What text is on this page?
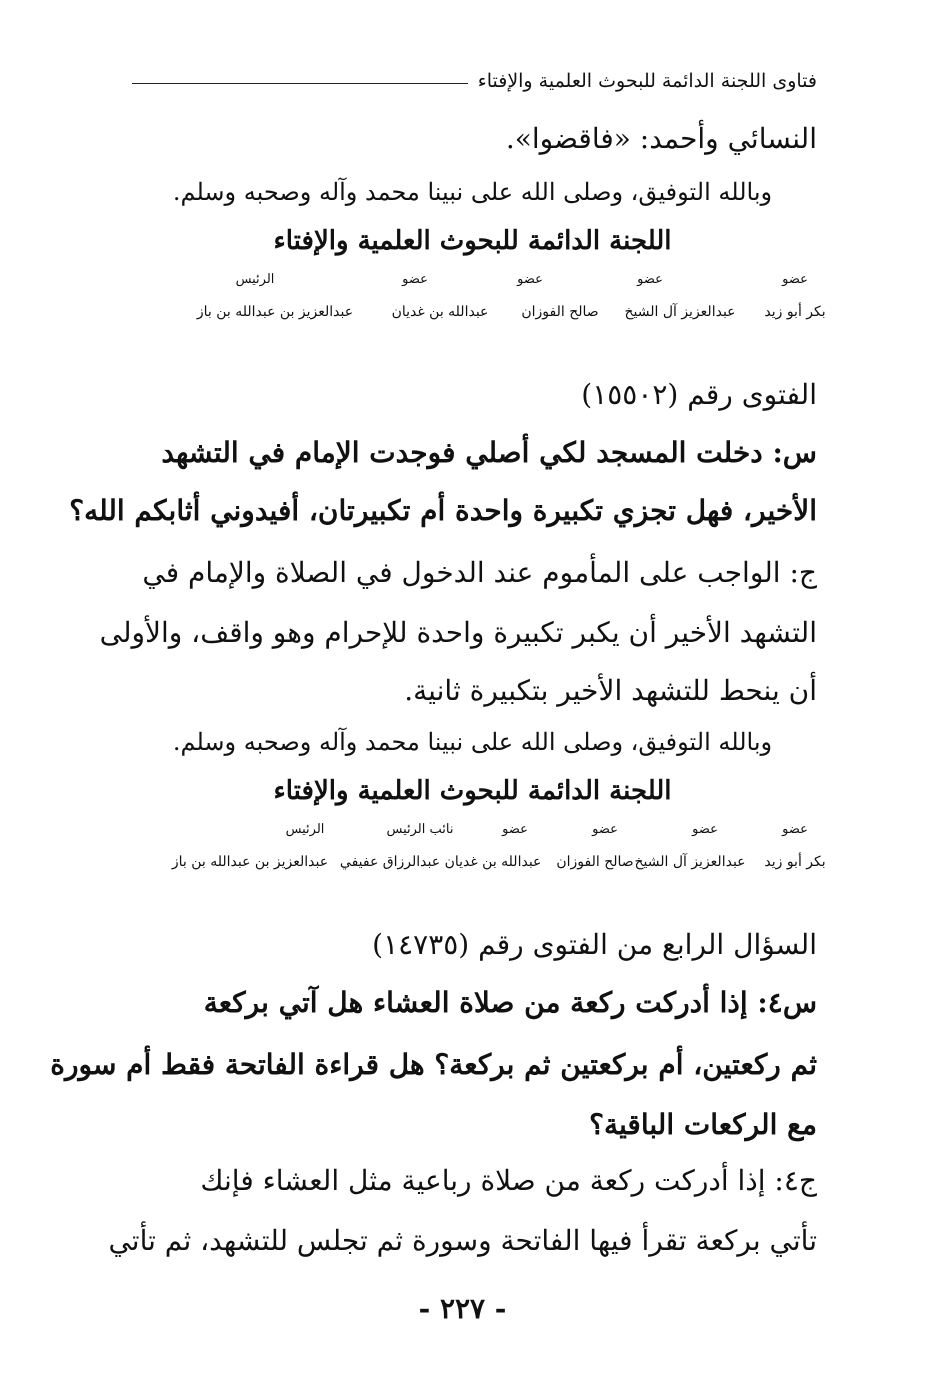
فتاوى اللجنة الدائمة للبحوث العلمية والإفتاء
النسائي وأحمد: «فاقضوا».
وبالله التوفيق، وصلى الله على نبينا محمد وآله وصحبه وسلم.
اللجنة الدائمة للبحوث العلمية والإفتاء
عضو
عضو
عضو
عضو
الرئيس
بكر أبو زيد
عبدالعزيز آل الشيخ
صالح الفوزان
عبدالله بن غديان
عبدالعزيز بن عبدالله بن باز
الفتوى رقم (١٥٥٠٢)
س: دخلت المسجد لكي أصلي فوجدت الإمام في التشهد
الأخير، فهل تجزي تكبيرة واحدة أم تكبيرتان، أفيدوني أثابكم الله؟
ج: الواجب على المأموم عند الدخول في الصلاة والإمام في
التشهد الأخير أن يكبر تكبيرة واحدة للإحرام وهو واقف، والأولى
أن ينحط للتشهد الأخير بتكبيرة ثانية.
وبالله التوفيق، وصلى الله على نبينا محمد وآله وصحبه وسلم.
اللجنة الدائمة للبحوث العلمية والإفتاء
عضو
عضو
عضو
عضو
نائب الرئيس
الرئيس
بكر أبو زيد
عبدالعزيز آل الشيخ
صالح الفوزان
عبدالله بن غديان
عبدالرزاق عفيفي
عبدالعزيز بن عبدالله بن باز
السؤال الرابع من الفتوى رقم (١٤٧٣٥)
س٤: إذا أدركت ركعة من صلاة العشاء هل آتي بركعة
ثم ركعتين، أم بركعتين ثم بركعة؟ هل قراءة الفاتحة فقط أم سورة
مع الركعات الباقية؟
ج٤: إذا أدركت ركعة من صلاة رباعية مثل العشاء فإنك
تأتي بركعة تقرأ فيها الفاتحة وسورة ثم تجلس للتشهد، ثم تأتي
- ٢٢٧ -
